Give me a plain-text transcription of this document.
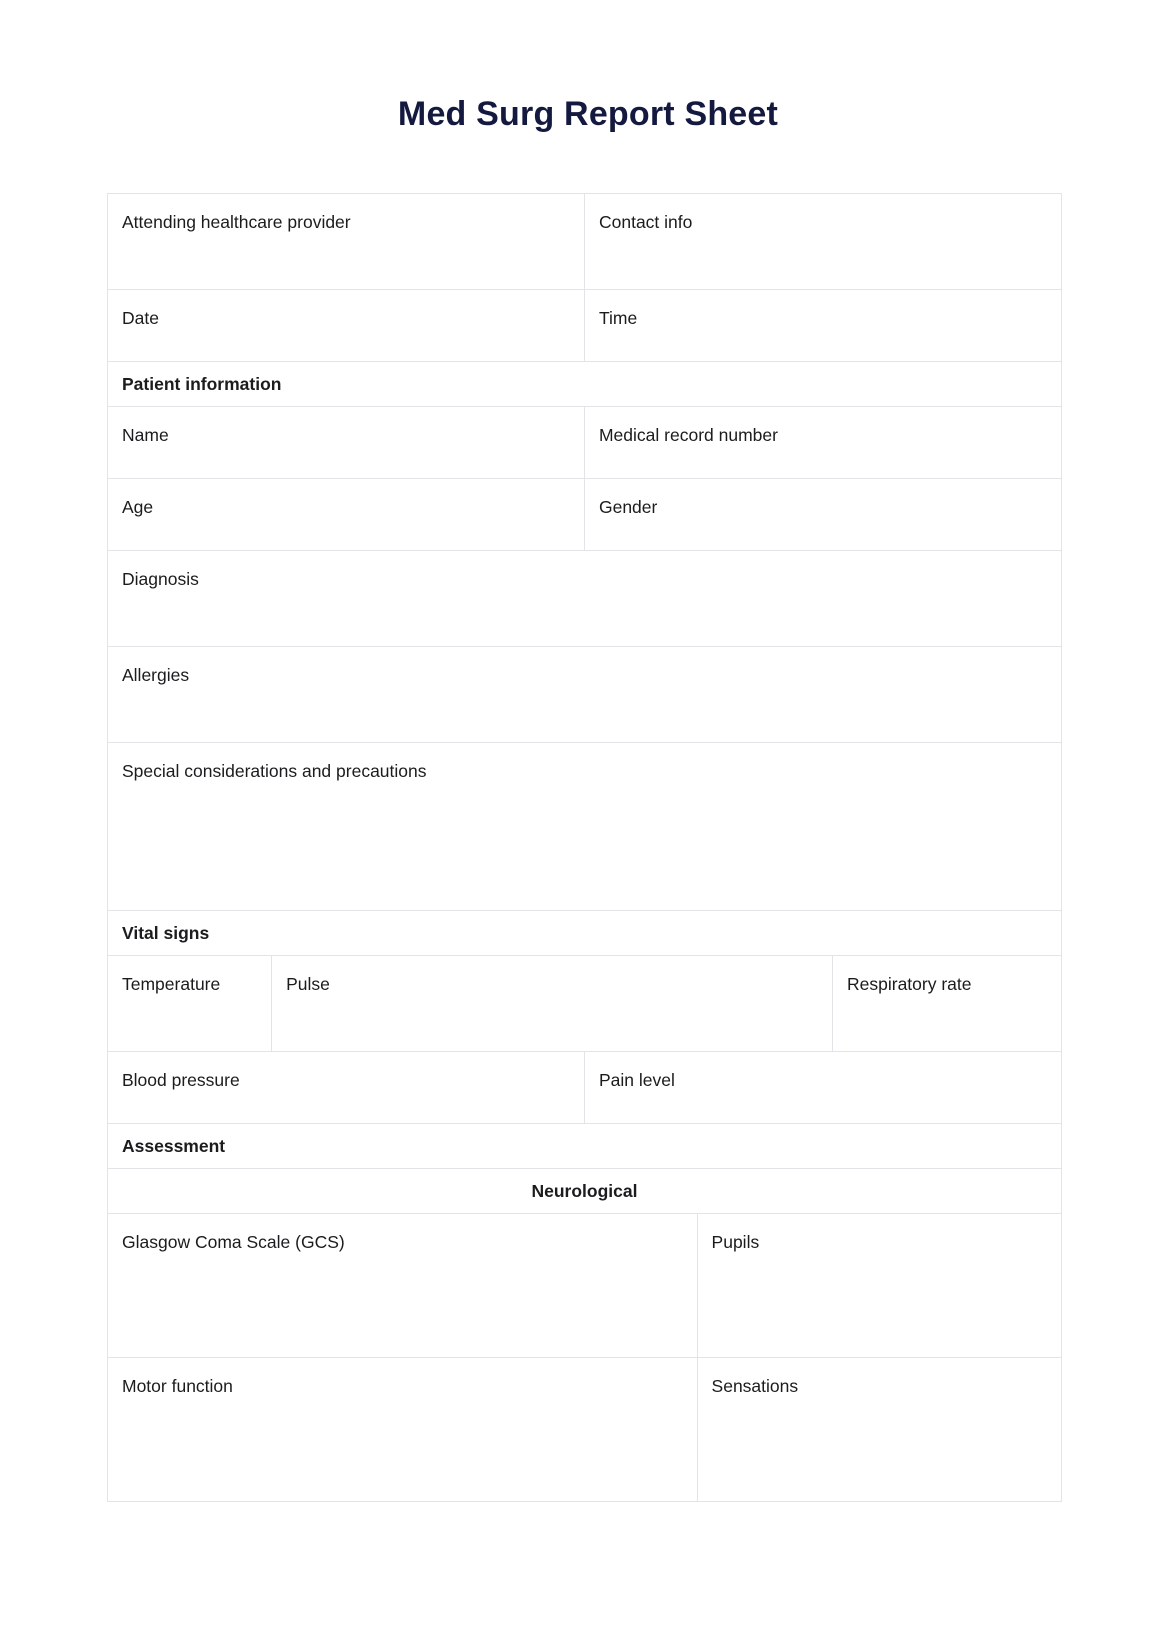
Med Surg Report Sheet
Attending healthcare provider		Contact info		
Date		Time		
Patient information				
Name		Medical record number		
Age		Gender		
Diagnosis				
Allergies				
Special considerations and precautions				
Vital signs				
Temperature	Pulse			Respiratory rate
Blood pressure		Pain level		
Assessment				
Neurological				
Glasgow Coma Scale (GCS)			Pupils	
Motor function			Sensations	
